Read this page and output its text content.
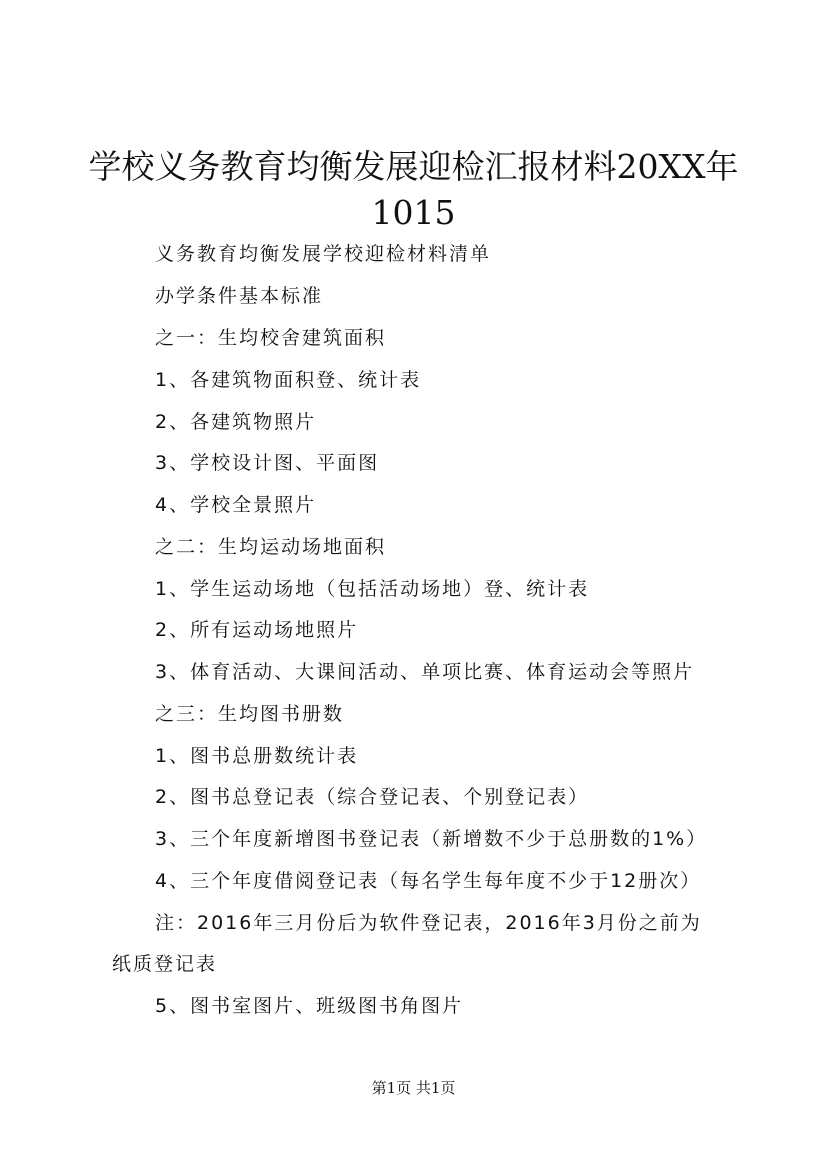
学校义务教育均衡发展迎检汇报材料20XX年
1015
义务教育均衡发展学校迎检材料清单
办学条件基本标准
之一：生均校舍建筑面积
1、各建筑物面积登、统计表
2、各建筑物照片
3、学校设计图、平面图
4、学校全景照片
之二：生均运动场地面积
1、学生运动场地（包括活动场地）登、统计表
2、所有运动场地照片
3、体育活动、大课间活动、单项比赛、体育运动会等照片
之三：生均图书册数
1、图书总册数统计表
2、图书总登记表（综合登记表、个别登记表）
3、三个年度新增图书登记表（新增数不少于总册数的1%）
4、三个年度借阅登记表（每名学生每年度不少于12册次）
注：2016年三月份后为软件登记表，2016年3月份之前为
纸质登记表
5、图书室图片、班级图书角图片
第1页 共1页
